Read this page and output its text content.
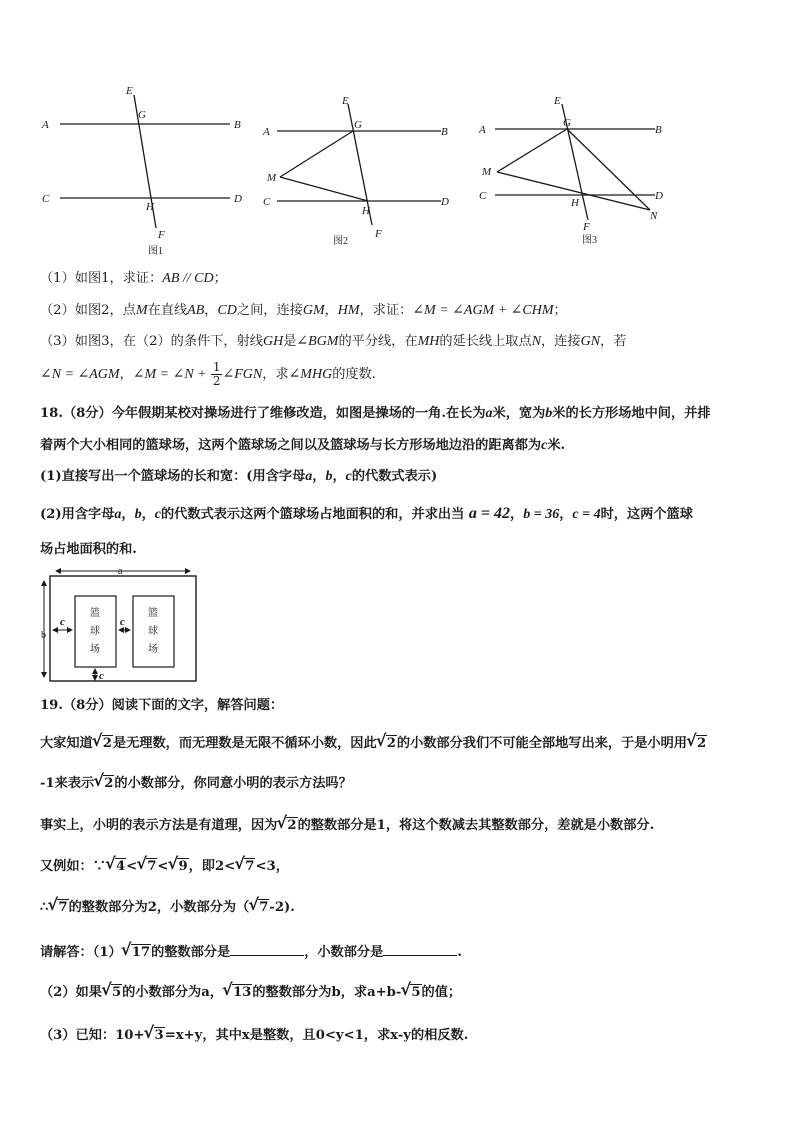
E
G
A	B
C	D
H
F
图1
E
G
A	B
M
C	D
H
F
图2
E
G
A	B
M
C	D
H
F
N
图3
（1）如图1，求证：AB // CD；
（2）如图2，点M在直线AB，CD之间，连接GM，HM，求证：∠M = ∠AGM + ∠CHM；
（3）如图3，在（2）的条件下，射线GH是∠BGM的平分线，在MH的延长线上取点N，连接GN，若
∠N = ∠AGM，∠M = ∠N + $\frac{1}{2}$ ∠FGN，求∠MHG的度数.
18.（8分）今年假期某校对操场进行了维修改造，如图是操场的一角.在长为a米，宽为b米的长方形场地中间，并排
着两个大小相同的篮球场，这两个篮球场之间以及篮球场与长方形场地边沿的距离都为c米.
(1)直接写出一个篮球场的长和宽：(用含字母a，b，c的代数式表示)
(2)用含字母a，b，c的代数式表示这两个篮球场占地面积的和，并求出当 a = 42，b = 36，c = 4时，这两个篮球
场占地面积的和.
a
b
篮
球
场
篮
球
场
c	c
c
19.（8分）阅读下面的文字，解答问题：
大家知道 √ 2是无理数，而无理数是无限不循环小数，因此 √ 2的小数部分我们不可能全部地写出来，于是小明用 √ 2
-1来表示 √ 2的小数部分，你同意小明的表示方法吗？
事实上，小明的表示方法是有道理，因为 √ 2的整数部分是1，将这个数减去其整数部分，差就是小数部分.
又例如：∵ √ 4< √ 7< √ 9，即2< √ 7<3，
∴ √ 7的整数部分为2，小数部分为（ √ 7-2).
请解答：（1） √ 17的整数部分是	，小数部分是	.
（2）如果 √ 5的小数部分为a， √ 13的整数部分为b，求a+b- √ 5的值；
（3）已知：10+ √ 3=x+y，其中x是整数，且0<y<1，求x-y的相反数.
